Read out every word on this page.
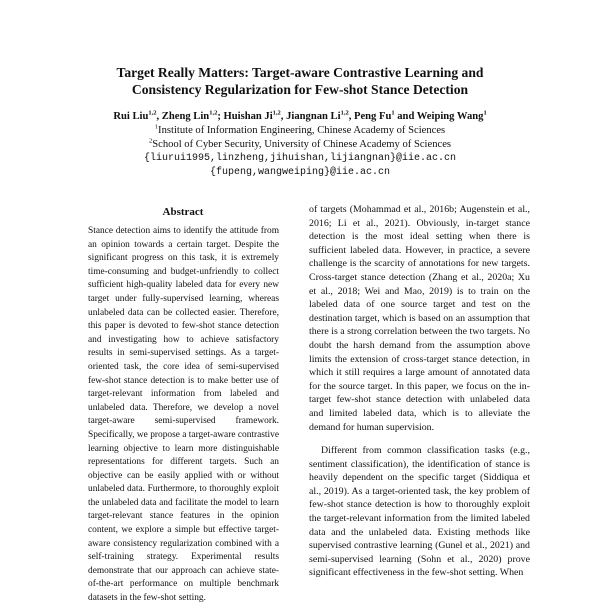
Target Really Matters: Target-aware Contrastive Learning and
Consistency Regularization for Few-shot Stance Detection
Rui Liu$^{1,2}$, Zheng Lin$^{1,2}$; Huishan Ji$^{1,2}$, Jiangnan Li$^{1,2}$, Peng Fu$^1$ and Weiping Wang$^1$
$^1$Institute of Information Engineering, Chinese Academy of Sciences
$^2$School of Cyber Security, University of Chinese Academy of Sciences
{liurui1995,linzheng,jihuishan,lijiangnan}@iie.ac.cn
{fupeng,wangweiping}@iie.ac.cn
Abstract

Stance detection aims to identify the attitude from an opinion towards a certain target. Despite the significant progress on this task, it is extremely time-consuming and budget-unfriendly to collect sufficient high-quality labeled data for every new target under fully-supervised learning, whereas unlabeled data can be collected easier. Therefore, this paper is devoted to few-shot stance detection and investigating how to achieve satisfactory results in semi-supervised settings. As a target-oriented task, the core idea of semi-supervised few-shot stance detection is to make better use of target-relevant information from labeled and unlabeled data. Therefore, we develop a novel target-aware semi-supervised framework. Specifically, we propose a target-aware contrastive learning objective to learn more distinguishable representations for different targets. Such an objective can be easily applied with or without unlabeled data. Furthermore, to thoroughly exploit the unlabeled data and facilitate the model to learn target-relevant stance features in the opinion content, we explore a simple but effective target-aware consistency regularization combined with a self-training strategy. Experimental results demonstrate that our approach can achieve state-of-the-art performance on multiple benchmark datasets in the few-shot setting.

of targets (Mohammad et al., 2016b; Augenstein et al., 2016; Li et al., 2021). Obviously, in-target stance detection is the most ideal setting when there is sufficient labeled data. However, in practice, a severe challenge is the scarcity of annotations for new targets. Cross-target stance detection (Zhang et al., 2020a; Xu et al., 2018; Wei and Mao, 2019) is to train on the labeled data of one source target and test on the destination target, which is based on an assumption that there is a strong correlation between the two targets. No doubt the harsh demand from the assumption above limits the extension of cross-target stance detection, in which it still requires a large amount of annotated data for the source target. In this paper, we focus on the in-target few-shot stance detection with unlabeled data and limited labeled data, which is to alleviate the demand for human supervision.

Different from common classification tasks (e.g., sentiment classification), the identification of stance is heavily dependent on the specific target (Siddiqua et al., 2019). As a target-oriented task, the key problem of few-shot stance detection is how to thoroughly exploit the target-relevant information from the limited labeled data and the unlabeled data. Existing methods like supervised contrastive learning (Gunel et al., 2021) and semi-supervised learning (Sohn et al., 2020) prove significant effectiveness in the few-shot setting. When
